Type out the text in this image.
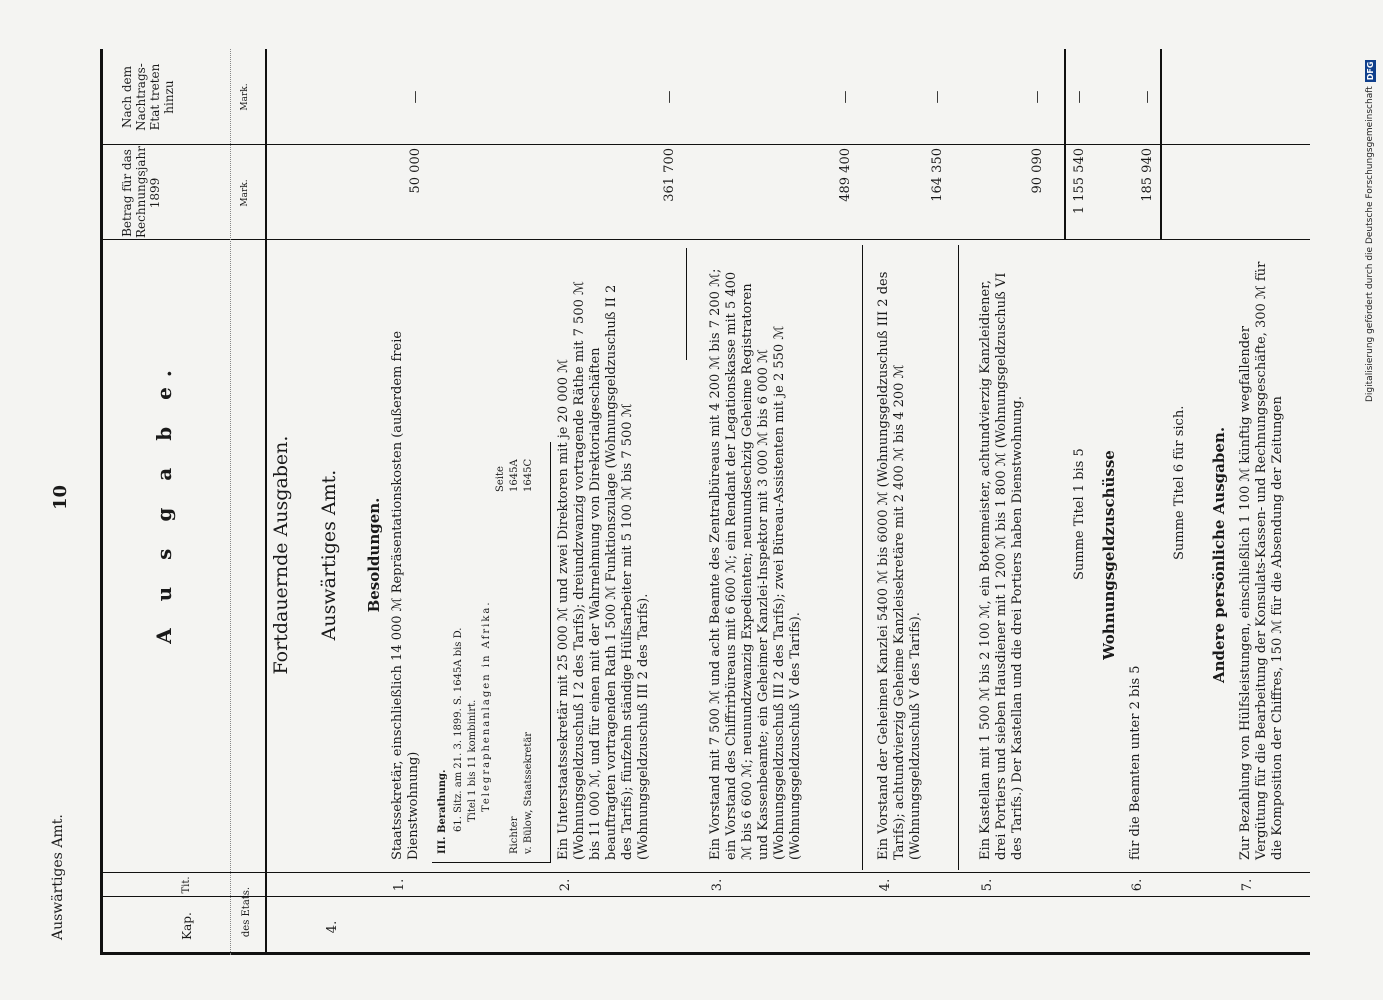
Auswärtiges Amt.
10
Kap.
Tit.
des Etats.
Betrag für das Rechnungsjahr 1899	Mark.
Nach dem Nachtrags-Etat treten hinzu	Mark.
A u s g a b e.	Fortdauernde Ausgaben. Auswärtiges Amt. Besoldungen.
4.
1.
Staatssekretär, einschließlich 14 000 ℳ Repräsentationskosten (außerdem freie Dienstwohnung)
50 000
—
III. Berathung. 61. Sitz. am 21. 3. 1899. S. 1645A bis D. Titel 1 bis 11 kombinirt. Telegraphenanlagen in Afrika.
Seite
Richter
1645A
v. Bülow, Staatssekretär
1645C
2.
Ein Unterstaatssekretär mit 25 000 ℳ und zwei Direktoren mit je 20 000 ℳ (Wohnungsgeldzuschuß I 2 des Tarifs); dreiundzwanzig vortragende Räthe mit 7 500 ℳ bis 11 000 ℳ, und für einen mit der Wahrnehmung von Direktorialgeschäften beauftragten vortragenden Rath 1 500 ℳ Funktionszulage (Wohnungsgeldzuschuß II 2 des Tarifs); fünfzehn ständige Hülfsarbeiter mit 5 100 ℳ bis 7 500 ℳ (Wohnungsgeldzuschuß III 2 des Tarifs).
361 700
—
3.
Ein Vorstand mit 7 500 ℳ und acht Beamte des Zentralbüreaus mit 4 200 ℳ bis 7 200 ℳ; ein Vorstand des Chiffrirbüreaus mit 6 600 ℳ; ein Rendant der Legationskasse mit 5 400 ℳ bis 6 600 ℳ; neunundzwanzig Expedienten; neunundsechzig Geheime Registratoren und Kassenbeamte; ein Geheimer Kanzlei-Inspektor mit 3 000 ℳ bis 6 000 ℳ (Wohnungsgeldzuschuß III 2 des Tarifs); zwei Büreau-Assistenten mit je 2 550 ℳ (Wohnungsgeldzuschuß V des Tarifs).
489 400
—
4.
Ein Vorstand der Geheimen Kanzlei 5400 ℳ bis 6000 ℳ (Wohnungsgeldzuschuß III 2 des Tarifs); achtundvierzig Geheime Kanzleisekretäre mit 2 400 ℳ bis 4 200 ℳ (Wohnungsgeldzuschuß V des Tarifs).
164 350
—
5.
Ein Kastellan mit 1 500 ℳ bis 2 100 ℳ, ein Botenmeister, achtundvierzig Kanzleidiener, drei Portiers und sieben Hausdiener mit 1 200 ℳ bis 1 800 ℳ (Wohnungsgeldzuschuß VI des Tarifs.) Der Kastellan und die drei Portiers haben Dienstwohnung.
90 090
—
Summe Titel 1 bis 5
1 155 540
—
Wohnungsgeldzuschüsse
6.
für die Beamten unter 2 bis 5
185 940
—
Summe Titel 6 für sich. Andere persönliche Ausgaben.
7.
Zur Bezahlung von Hülfsleistungen, einschließlich 1 100 ℳ künftig wegfallender Vergütung für die Bearbeitung der Konsulats-Kassen- und Rechnungsgeschäfte, 300 ℳ für die Komposition der Chiffres, 150 ℳ für die Absendung der Zeitungen
Digitalisierung gefördert durch die Deutsche Forschungsgemeinschaft
DFG
